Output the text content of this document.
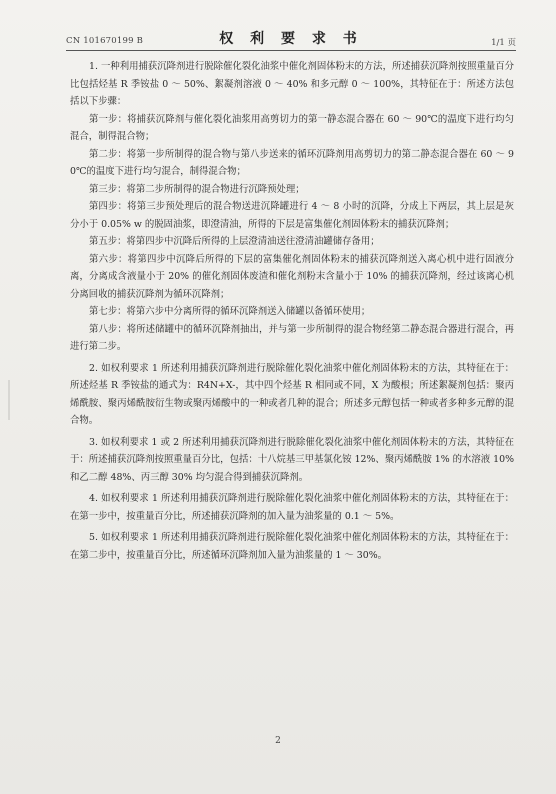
CN 101670199 B	权 利 要 求 书	1/1 页

1. 一种利用捕获沉降剂进行脱除催化裂化油浆中催化剂固体粉末的方法，所述捕获沉降剂按照重量百分比包括烃基 R 季铵盐 0 ～ 50%、絮凝剂溶液 0 ～ 40% 和多元醇 0 ～ 100%，其特征在于：所述方法包括以下步骤：

第一步：将捕获沉降剂与催化裂化油浆用高剪切力的第一静态混合器在 60 ～ 90℃的温度下进行均匀混合，制得混合物；

第二步：将第一步所制得的混合物与第八步送来的循环沉降剂用高剪切力的第二静态混合器在 60 ～ 90℃的温度下进行均匀混合，制得混合物；

第三步：将第二步所制得的混合物进行沉降预处理；

第四步：将第三步预处理后的混合物送进沉降罐进行 4 ～ 8 小时的沉降，分成上下两层，其上层是灰分小于 0.05% w 的脱固油浆，即澄清油，所得的下层是富集催化剂固体粉末的捕获沉降剂；

第五步：将第四步中沉降后所得的上层澄清油送往澄清油罐储存备用；

第六步：将第四步中沉降后所得的下层的富集催化剂固体粉末的捕获沉降剂送入离心机中进行固液分离，分离成含液量小于 20% 的催化剂固体废渣和催化剂粉末含量小于 10% 的捕获沉降剂，经过该离心机分离回收的捕获沉降剂为循环沉降剂；

第七步：将第六步中分离所得的循环沉降剂送入储罐以备循环使用；

第八步：将所述储罐中的循环沉降剂抽出，并与第一步所制得的混合物经第二静态混合器进行混合，再进行第二步。

2. 如权利要求 1 所述利用捕获沉降剂进行脱除催化裂化油浆中催化剂固体粉末的方法，其特征在于：所述烃基 R 季铵盐的通式为：R4N+X-，其中四个烃基 R 相同或不同，X 为酸根；所述絮凝剂包括：聚丙烯酰胺、聚丙烯酰胺衍生物或聚丙烯酸中的一种或者几种的混合；所述多元醇包括一种或者多种多元醇的混合物。

3. 如权利要求 1 或 2 所述利用捕获沉降剂进行脱除催化裂化油浆中催化剂固体粉末的方法，其特征在于：所述捕获沉降剂按照重量百分比，包括：十八烷基三甲基氯化铵 12%、聚丙烯酰胺 1% 的水溶液 10% 和乙二醇 48%、丙三醇 30% 均匀混合得到捕获沉降剂。

4. 如权利要求 1 所述利用捕获沉降剂进行脱除催化裂化油浆中催化剂固体粉末的方法，其特征在于：在第一步中，按重量百分比，所述捕获沉降剂的加入量为油浆量的 0.1 ～ 5%。

5. 如权利要求 1 所述利用捕获沉降剂进行脱除催化裂化油浆中催化剂固体粉末的方法，其特征在于：在第二步中，按重量百分比，所述循环沉降剂加入量为油浆量的 1 ～ 30%。

2
